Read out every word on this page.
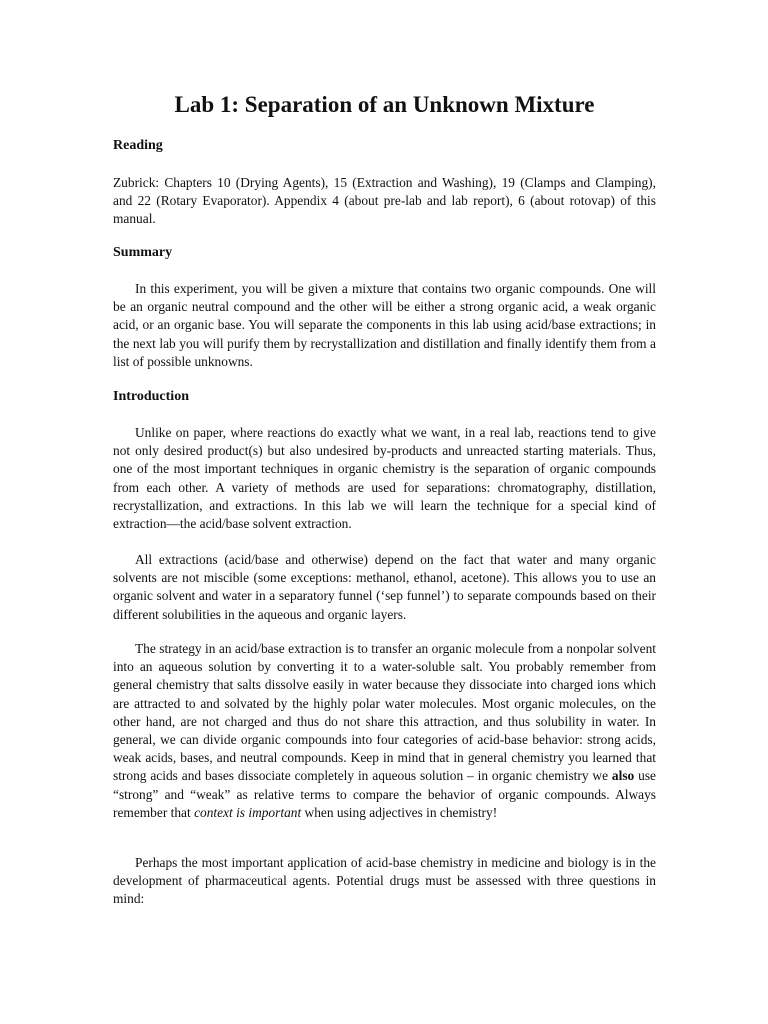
Lab 1: Separation of an Unknown Mixture
Reading

Zubrick: Chapters 10 (Drying Agents), 15 (Extraction and Washing), 19 (Clamps and Clamping), and 22 (Rotary Evaporator). Appendix 4 (about pre-lab and lab report), 6 (about rotovap) of this manual.

Summary

In this experiment, you will be given a mixture that contains two organic compounds. One will be an organic neutral compound and the other will be either a strong organic acid, a weak organic acid, or an organic base. You will separate the components in this lab using acid/base extractions; in the next lab you will purify them by recrystallization and distillation and finally identify them from a list of possible unknowns.

Introduction

Unlike on paper, where reactions do exactly what we want, in a real lab, reactions tend to give not only desired product(s) but also undesired by-products and unreacted starting materials. Thus, one of the most important techniques in organic chemistry is the separation of organic compounds from each other. A variety of methods are used for separations: chromatography, distillation, recrystallization, and extractions. In this lab we will learn the technique for a special kind of extraction—the acid/base solvent extraction.

All extractions (acid/base and otherwise) depend on the fact that water and many organic solvents are not miscible (some exceptions: methanol, ethanol, acetone). This allows you to use an organic solvent and water in a separatory funnel (‘sep funnel’) to separate compounds based on their different solubilities in the aqueous and organic layers.

The strategy in an acid/base extraction is to transfer an organic molecule from a nonpolar solvent into an aqueous solution by converting it to a water-soluble salt. You probably remember from general chemistry that salts dissolve easily in water because they dissociate into charged ions which are attracted to and solvated by the highly polar water molecules. Most organic molecules, on the other hand, are not charged and thus do not share this attraction, and thus solubility in water. In general, we can divide organic compounds into four categories of acid-base behavior: strong acids, weak acids, bases, and neutral compounds. Keep in mind that in general chemistry you learned that strong acids and bases dissociate completely in aqueous solution – in organic chemistry we also use “strong” and “weak” as relative terms to compare the behavior of organic compounds. Always remember that context is important when using adjectives in chemistry!

Perhaps the most important application of acid-base chemistry in medicine and biology is in the development of pharmaceutical agents. Potential drugs must be assessed with three questions in mind:
